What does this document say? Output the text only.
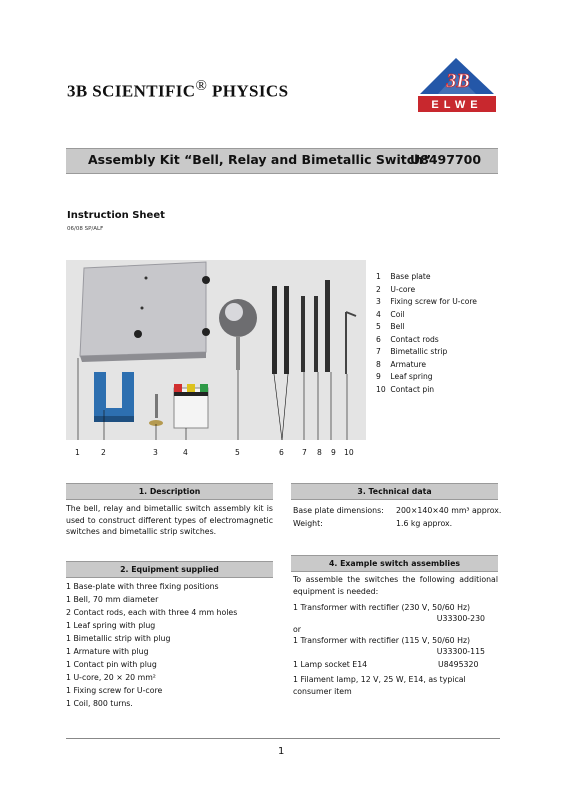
3B SCIENTIFIC® PHYSICS	3B
ELWE
Assembly Kit “Bell, Relay and Bimetallic Switch”
U8497700
Instruction Sheet
06/08 SP/ALF
1 Base plate
2 U-core
3 Fixing screw for U-core
4 Coil
5 Bell
6 Contact rods
7 Bimetallic strip
8 Armature
9 Leaf spring
10 Contact pin
1	2	3	4	5	6 7 8 9 10
1. Description
The bell, relay and bimetallic switch assembly kit is used to construct different types of electromagnetic switches and bimetallic strip switches.
3. Technical data
Base plate dimensions: 200×140×40 mm³ approx.
Weight:	1.6 kg approx.
2. Equipment supplied
1 Base-plate with three fixing positions
1 Bell, 70 mm diameter
2 Contact rods, each with three 4 mm holes
1 Leaf spring with plug
1 Bimetallic strip with plug
1 Armature with plug
1 Contact pin with plug
1 U-core, 20 × 20 mm²
1 Fixing screw for U-core
1 Coil, 800 turns.
4. Example switch assemblies
To assemble the switches the following additional equipment is needed:
1 Transformer with rectifier (230 V, 50/60 Hz)
U33300-230
or
1 Transformer with rectifier (115 V, 50/60 Hz)
U33300-115
1 Lamp socket E14	U8495320
1 Filament lamp, 12 V, 25 W, E14, as typical consumer item
1
